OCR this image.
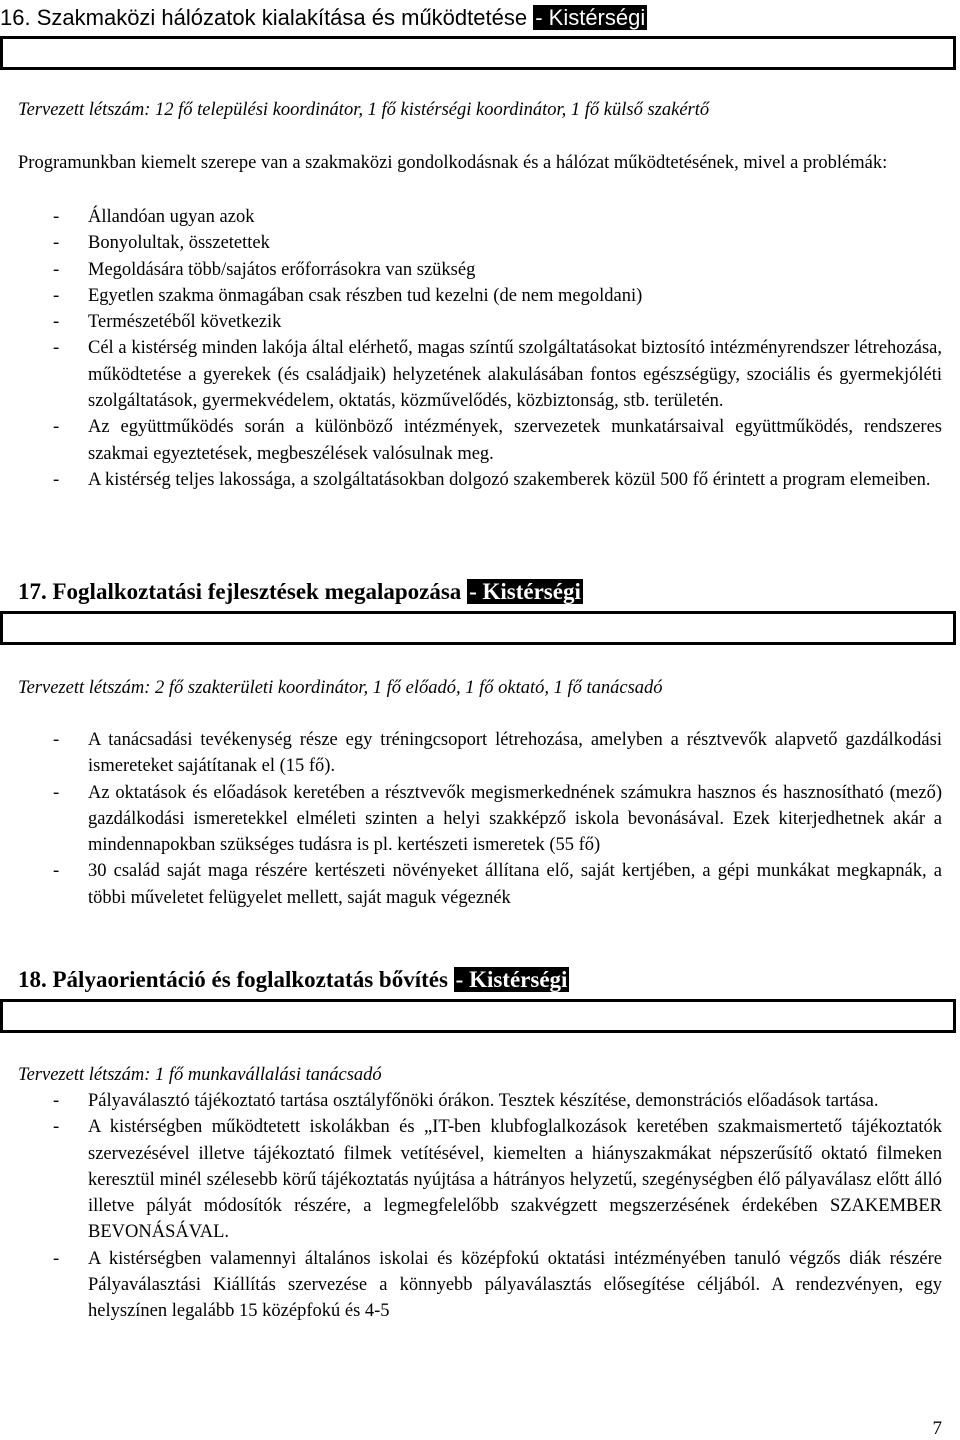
16. Szakmaközi hálózatok kialakítása és működtetése - Kistérségi
Tervezett létszám: 12 fő települési koordinátor, 1 fő kistérségi koordinátor, 1 fő külső szakértő
Programunkban kiemelt szerepe van a szakmaközi gondolkodásnak és a hálózat működtetésének, mivel a problémák:
- Állandóan ugyan azok
- Bonyolultak, összetettek
- Megoldására több/sajátos erőforrásokra van szükség
- Egyetlen szakma önmagában csak részben tud kezelni (de nem megoldani)
- Természetéből következik
- Cél a kistérség minden lakója által elérhető, magas színtű szolgáltatásokat biztosító intézményrendszer létrehozása, működtetése a gyerekek (és családjaik) helyzetének alakulásában fontos egészségügy, szociális és gyermekjóléti szolgáltatások, gyermekvédelem, oktatás, közművelődés, közbiztonság, stb. területén.
- Az együttműködés során a különböző intézmények, szervezetek munkatársaival együttműködés, rendszeres szakmai egyeztetések, megbeszélések valósulnak meg.
- A kistérség teljes lakossága, a szolgáltatásokban dolgozó szakemberek közül 500 fő érintett a program elemeiben.
17. Foglalkoztatási fejlesztések megalapozása - Kistérségi
Tervezett létszám: 2 fő szakterületi koordinátor, 1 fő előadó, 1 fő oktató, 1 fő tanácsadó
- A tanácsadási tevékenység része egy tréningcsoport létrehozása, amelyben a résztvevők alapvető gazdálkodási ismereteket sajátítanak el (15 fő).
- Az oktatások és előadások keretében a résztvevők megismerkednének számukra hasznos és hasznosítható (mező) gazdálkodási ismeretekkel elméleti szinten a helyi szakképző iskola bevonásával. Ezek kiterjedhetnek akár a mindennapokban szükséges tudásra is pl. kertészeti ismeretek (55 fő)
- 30 család saját maga részére kertészeti növényeket állítana elő, saját kertjében, a gépi munkákat megkapnák, a többi műveletet felügyelet mellett, saját maguk végeznék
18. Pályaorientáció és foglalkoztatás bővítés - Kistérségi
Tervezett létszám: 1 fő munkavállalási tanácsadó
- Pályaválasztó tájékoztató tartása osztályfőnöki órákon. Tesztek készítése, demonstrációs előadások tartása.
- A kistérségben működtetett iskolákban és „IT-ben klubfoglalkozások keretében szakmaismertető tájékoztatók szervezésével illetve tájékoztató filmek vetítésével, kiemelten a hiányszakmákat népszerűsítő oktató filmeken keresztül minél szélesebb körű tájékoztatás nyújtása a hátrányos helyzetű, szegénységben élő pályaválasz előtt álló illetve pályát módosítók részére, a legmegfelelőbb szakvégzett megszerzésének érdekében SZAKEMBER BEVONÁSÁVAL.
- A kistérségben valamennyi általános iskolai és középfokú oktatási intézményében tanuló végzős diák részére Pályaválasztási Kiállítás szervezése a könnyebb pályaválasztás elősegítése céljából. A rendezvényen, egy helyszínen legalább 15 középfokú és 4-5
7
